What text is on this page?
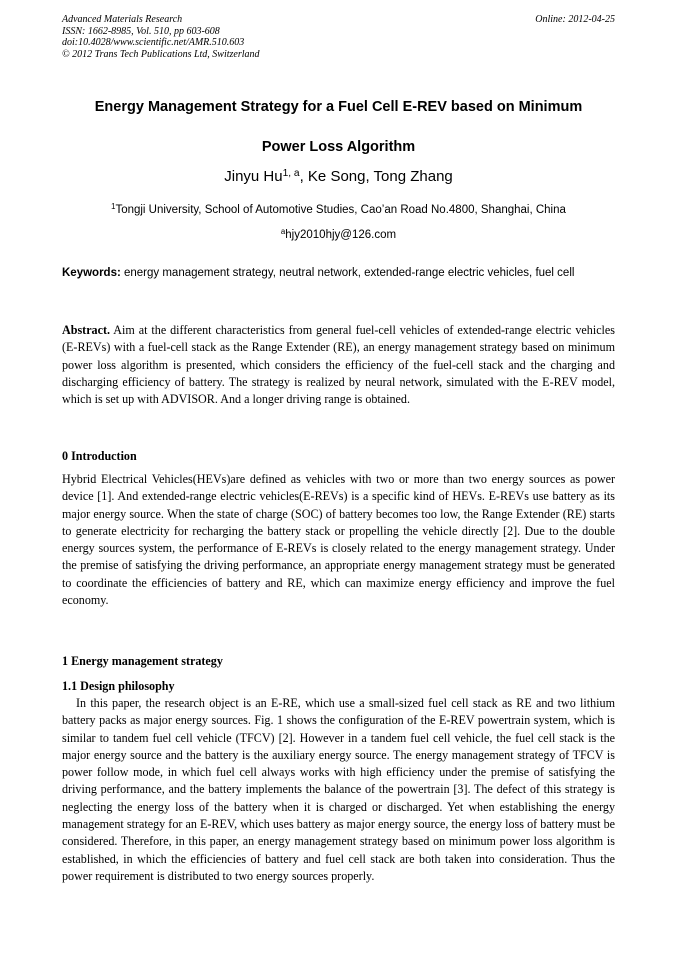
Advanced Materials Research
ISSN: 1662-8985, Vol. 510, pp 603-608
doi:10.4028/www.scientific.net/AMR.510.603
© 2012 Trans Tech Publications Ltd, Switzerland
Online: 2012-04-25
Energy Management Strategy for a Fuel Cell E-REV based on Minimum
Power Loss Algorithm
Jinyu Hu$^{1, a}$, Ke Song, Tong Zhang
$^1$Tongji University, School of Automotive Studies, Cao’an Road No.4800, Shanghai, China
$^a$hjy2010hjy@126.com
Keywords: energy management strategy, neutral network, extended-range electric vehicles, fuel cell
Abstract. Aim at the different characteristics from general fuel-cell vehicles of extended-range electric vehicles (E-REVs) with a fuel-cell stack as the Range Extender (RE), an energy management strategy based on minimum power loss algorithm is presented, which considers the efficiency of the fuel-cell stack and the charging and discharging efficiency of battery. The strategy is realized by neural network, simulated with the E-REV model, which is set up with ADVISOR. And a longer driving range is obtained.
0 Introduction
Hybrid Electrical Vehicles(HEVs)are defined as vehicles with two or more than two energy sources as power device [1]. And extended-range electric vehicles(E-REVs) is a specific kind of HEVs. E-REVs use battery as its major energy source. When the state of charge (SOC) of battery becomes too low, the Range Extender (RE) starts to generate electricity for recharging the battery stack or propelling the vehicle directly [2]. Due to the double energy sources system, the performance of E-REVs is closely related to the energy management strategy. Under the premise of satisfying the driving performance, an appropriate energy management strategy must be generated to coordinate the efficiencies of battery and RE, which can maximize energy efficiency and improve the fuel economy.
1 Energy management strategy
1.1 Design philosophy
In this paper, the research object is an E-RE, which use a small-sized fuel cell stack as RE and two lithium battery packs as major energy sources. Fig. 1 shows the configuration of the E-REV powertrain system, which is similar to tandem fuel cell vehicle (TFCV) [2]. However in a tandem fuel cell vehicle, the fuel cell stack is the major energy source and the battery is the auxiliary energy source. The energy management strategy of TFCV is power follow mode, in which fuel cell always works with high efficiency under the premise of satisfying the driving performance, and the battery implements the balance of the powertrain [3]. The defect of this strategy is neglecting the energy loss of the battery when it is charged or discharged. Yet when establishing the energy management strategy for an E-REV, which uses battery as major energy source, the energy loss of battery must be considered. Therefore, in this paper, an energy management strategy based on minimum power loss algorithm is established, in which the efficiencies of battery and fuel cell stack are both taken into consideration. Thus the power requirement is distributed to two energy sources properly.
